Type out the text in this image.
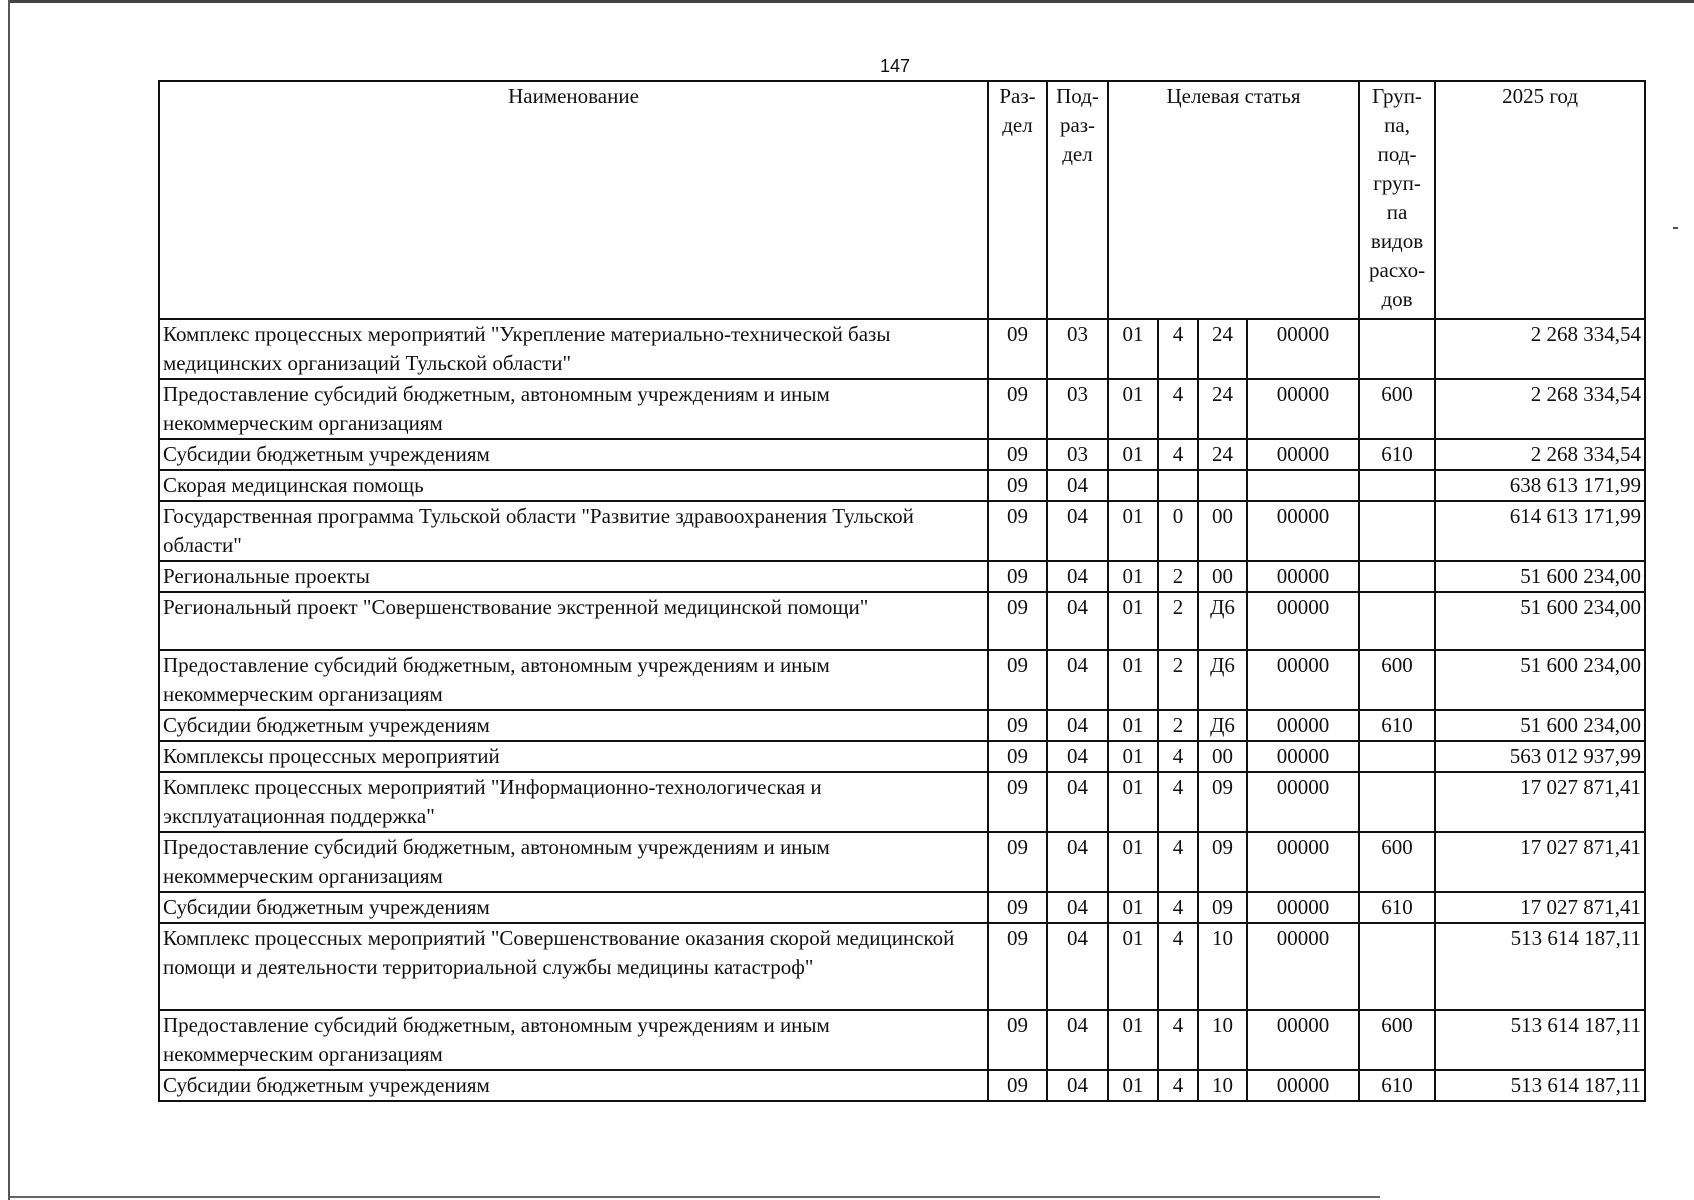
147
Наименование	Раз- дел	Под- раз- дел	Целевая статья				Груп- па, под- груп- па видов расхо- дов	2025 год
Комплекс процессных мероприятий "Укрепление материально-технической базы медицинских организаций Тульской области"	09	03	01	4	24	00000		2 268 334,54
Предоставление субсидий бюджетным, автономным учреждениям и иным некоммерческим организациям	09	03	01	4	24	00000	600	2 268 334,54
Субсидии бюджетным учреждениям	09	03	01	4	24	00000	610	2 268 334,54
Скорая медицинская помощь	09	04						638 613 171,99
Государственная программа Тульской области "Развитие здравоохранения Тульской области"	09	04	01	0	00	00000		614 613 171,99
Региональные проекты	09	04	01	2	00	00000		51 600 234,00
Региональный проект "Совершенствование экстренной медицинской помощи"	09	04	01	2	Д6	00000		51 600 234,00
Предоставление субсидий бюджетным, автономным учреждениям и иным некоммерческим организациям	09	04	01	2	Д6	00000	600	51 600 234,00
Субсидии бюджетным учреждениям	09	04	01	2	Д6	00000	610	51 600 234,00
Комплексы процессных мероприятий	09	04	01	4	00	00000		563 012 937,99
Комплекс процессных мероприятий "Информационно-технологическая и эксплуатационная поддержка"	09	04	01	4	09	00000		17 027 871,41
Предоставление субсидий бюджетным, автономным учреждениям и иным некоммерческим организациям	09	04	01	4	09	00000	600	17 027 871,41
Субсидии бюджетным учреждениям	09	04	01	4	09	00000	610	17 027 871,41
Комплекс процессных мероприятий "Совершенствование оказания скорой медицинской помощи и деятельности территориальной службы медицины катастроф"	09	04	01	4	10	00000		513 614 187,11
Предоставление субсидий бюджетным, автономным учреждениям и иным некоммерческим организациям	09	04	01	4	10	00000	600	513 614 187,11
Субсидии бюджетным учреждениям	09	04	01	4	10	00000	610	513 614 187,11
